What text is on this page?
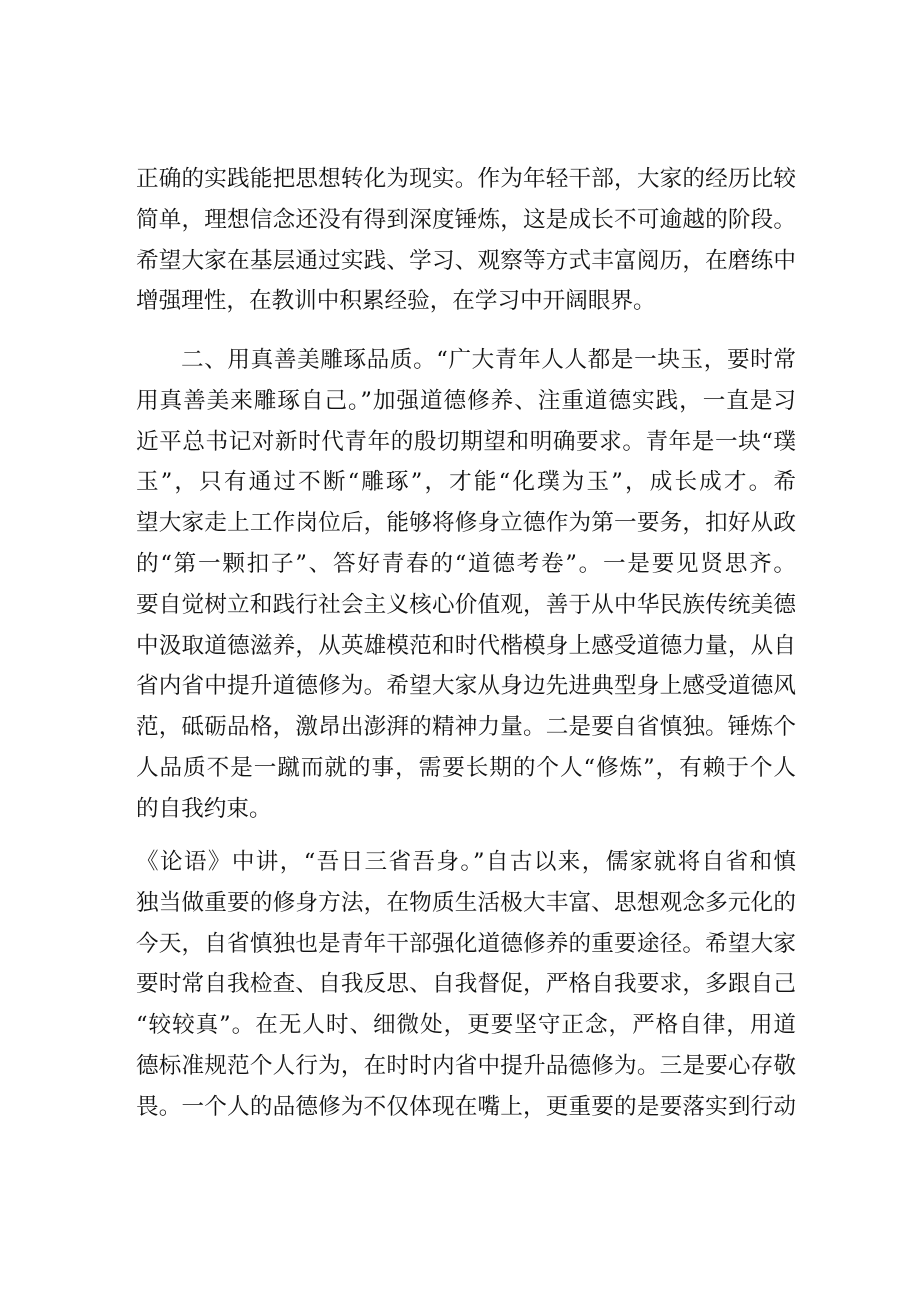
正确的实践能把思想转化为现实。作为年轻干部，大家的经历比较
简单，理想信念还没有得到深度锤炼，这是成长不可逾越的阶段。
希望大家在基层通过实践、学习、观察等方式丰富阅历，在磨练中
增强理性，在教训中积累经验，在学习中开阔眼界。
二、用真善美雕琢品质。“广大青年人人都是一块玉，要时常
用真善美来雕琢自己。”加强道德修养、注重道德实践，一直是习
近平总书记对新时代青年的殷切期望和明确要求。青年是一块“璞
玉”，只有通过不断“雕琢”，才能“化璞为玉”，成长成才。希
望大家走上工作岗位后，能够将修身立德作为第一要务，扣好从政
的“第一颗扣子”、答好青春的“道德考卷”。一是要见贤思齐。
要自觉树立和践行社会主义核心价值观，善于从中华民族传统美德
中汲取道德滋养，从英雄模范和时代楷模身上感受道德力量，从自
省内省中提升道德修为。希望大家从身边先进典型身上感受道德风
范，砥砺品格，激昂出澎湃的精神力量。二是要自省慎独。锤炼个
人品质不是一蹴而就的事，需要长期的个人“修炼”，有赖于个人
的自我约束。
《论语》中讲，“吾日三省吾身。”自古以来，儒家就将自省和慎
独当做重要的修身方法，在物质生活极大丰富、思想观念多元化的
今天，自省慎独也是青年干部强化道德修养的重要途径。希望大家
要时常自我检查、自我反思、自我督促，严格自我要求，多跟自己
“较较真”。在无人时、细微处，更要坚守正念，严格自律，用道
德标准规范个人行为，在时时内省中提升品德修为。三是要心存敬
畏。一个人的品德修为不仅体现在嘴上，更重要的是要落实到行动
